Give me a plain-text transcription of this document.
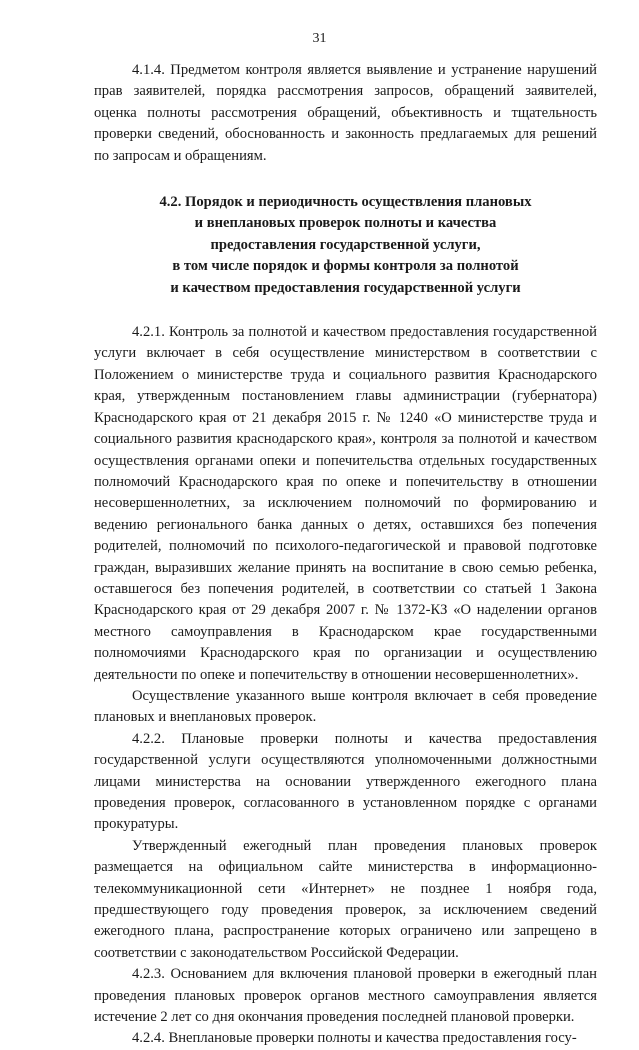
31

4.1.4. Предметом контроля является выявление и устранение нарушений прав заявителей, порядка рассмотрения запросов, обращений заявителей, оценка полноты рассмотрения обращений, объективность и тщательность проверки сведений, обоснованность и законность предлагаемых для решений по запросам и обращениям.

4.2. Порядок и периодичность осуществления плановых
и внеплановых проверок полноты и качества
предоставления государственной услуги,
в том числе порядок и формы контроля за полнотой
и качеством предоставления государственной услуги

4.2.1. Контроль за полнотой и качеством предоставления государственной услуги включает в себя осуществление министерством в соответствии с Положением о министерстве труда и социального развития Краснодарского края, утвержденным постановлением главы администрации (губернатора) Краснодарского края от 21 декабря 2015 г. № 1240 «О министерстве труда и социального развития краснодарского края», контроля за полнотой и качеством осуществления органами опеки и попечительства отдельных государственных полномочий Краснодарского края по опеке и попечительству в отношении несовершеннолетних, за исключением полномочий по формированию и ведению регионального банка данных о детях, оставшихся без попечения родителей, полномочий по психолого-педагогической и правовой подготовке граждан, выразивших желание принять на воспитание в свою семью ребенка, оставшегося без попечения родителей, в соответствии со статьей 1 Закона Краснодарского края от 29 декабря 2007 г. № 1372-КЗ «О наделении органов местного самоуправления в Краснодарском крае государственными полномочиями Краснодарского края по организации и осуществлению деятельности по опеке и попечительству в отношении несовершеннолетних».

Осуществление указанного выше контроля включает в себя проведение плановых и внеплановых проверок.

4.2.2. Плановые проверки полноты и качества предоставления государственной услуги осуществляются уполномоченными должностными лицами министерства на основании утвержденного ежегодного плана проведения проверок, согласованного в установленном порядке с органами прокуратуры.

Утвержденный ежегодный план проведения плановых проверок размещается на официальном сайте министерства в информационно-телекоммуникационной сети «Интернет» не позднее 1 ноября года, предшествующего году проведения проверок, за исключением сведений ежегодного плана, распространение которых ограничено или запрещено в соответствии с законодательством Российской Федерации.

4.2.3. Основанием для включения плановой проверки в ежегодный план проведения плановых проверок органов местного самоуправления является истечение 2 лет со дня окончания проведения последней плановой проверки.

4.2.4. Внеплановые проверки полноты и качества предоставления госу-
